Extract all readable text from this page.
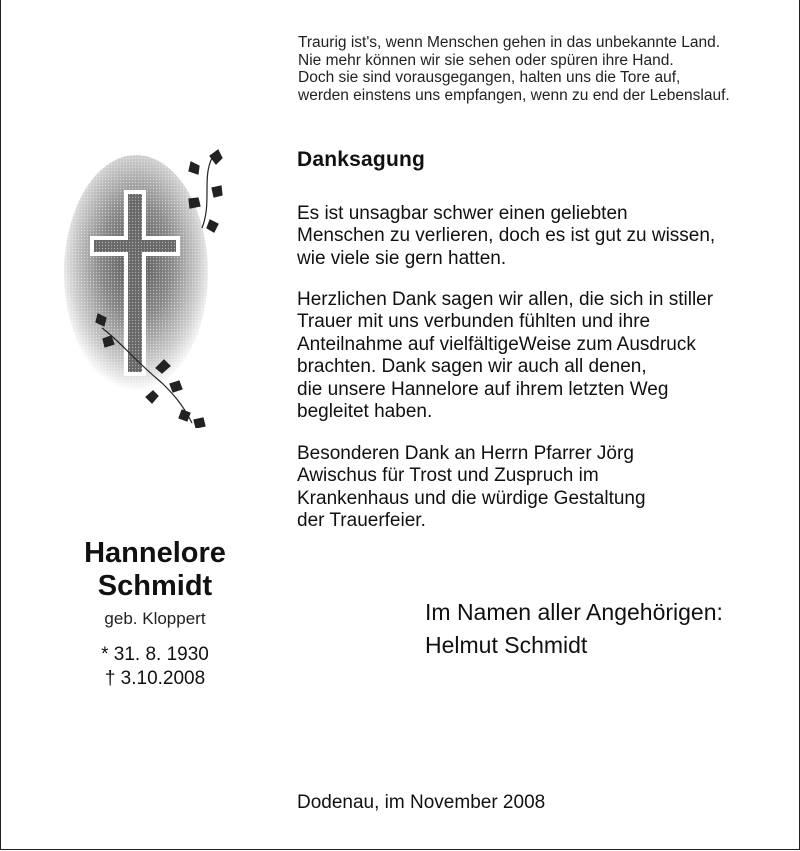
Traurig ist's, wenn Menschen gehen in das unbekannte Land.
Nie mehr können wir sie sehen oder spüren ihre Hand.
Doch sie sind vorausgegangen, halten uns die Tore auf,
werden einstens uns empfangen, wenn zu end der Lebenslauf.
Danksagung
Es ist unsagbar schwer einen geliebten
Menschen zu verlieren, doch es ist gut zu wissen,
wie viele sie gern hatten.
Herzlichen Dank sagen wir allen, die sich in stiller
Trauer mit uns verbunden fühlten und ihre
Anteilnahme auf vielfältigeWeise zum Ausdruck
brachten. Dank sagen wir auch all denen,
die unsere Hannelore auf ihrem letzten Weg
begleitet haben.
Besonderen Dank an Herrn Pfarrer Jörg
Awischus für Trost und Zuspruch im
Krankenhaus und die würdige Gestaltung
der Trauerfeier.
Hannelore
Schmidt
geb. Kloppert
* 31. 8. 1930
† 3.10.2008
Im Namen aller Angehörigen:
Helmut Schmidt
Dodenau, im November 2008
